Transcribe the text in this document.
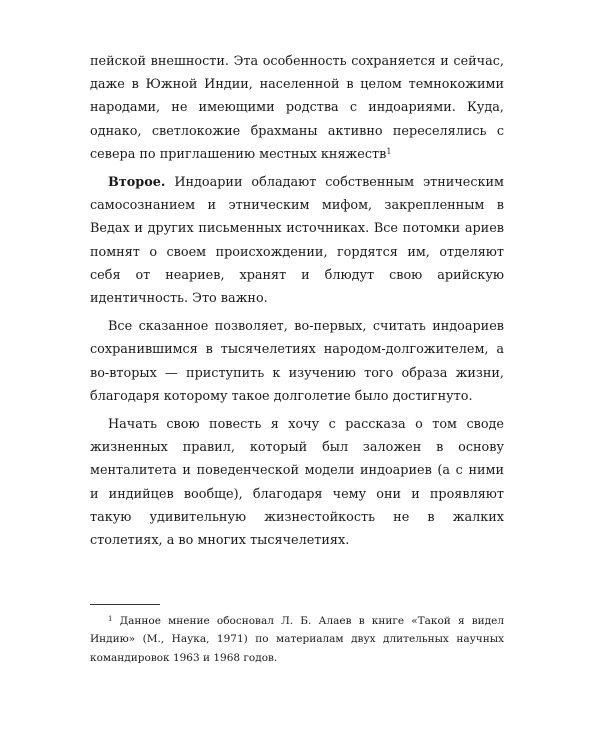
пейской внешности. Эта особенность сохраняется и сейчас, даже в Южной Индии, населенной в целом темнокожими народами, не имеющими родства с индоариями. Куда, однако, светлокожие брахманы активно переселялись с севера по приглашению местных княжеств$^1$

Второе. Индоарии обладают собственным этническим самосознанием и этническим мифом, закрепленным в Ведах и других письменных источниках. Все потомки ариев помнят о своем происхождении, гордятся им, отделяют себя от неариев, хранят и блюдут свою арийскую идентичность. Это важно.

Все сказанное позволяет, во-первых, считать индоариев сохранившимся в тысячелетиях народом-долгожителем, а во-вторых — приступить к изучению того образа жизни, благодаря которому такое долголетие было достигнуто.

Начать свою повесть я хочу с рассказа о том своде жизненных правил, который был заложен в основу менталитета и поведенческой модели индоариев (а с ними и индийцев вообще), благодаря чему они и проявляют такую удивительную жизнестойкость не в жалких столетиях, а во многих тысячелетиях.

$^1$ Данное мнение обосновал Л. Б. Алаев в книге «Такой я видел Индию» (М., Наука, 1971) по материалам двух длительных научных командировок 1963 и 1968 годов.
